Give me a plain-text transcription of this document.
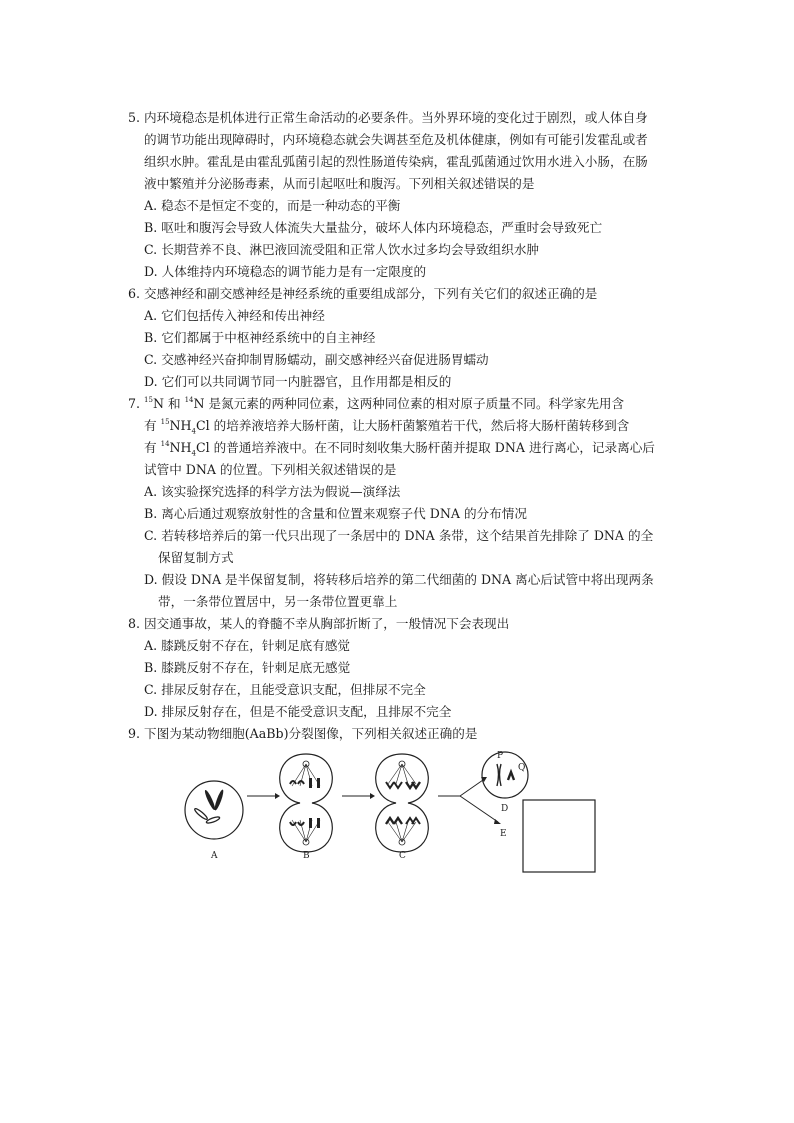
5. 内环境稳态是机体进行正常生命活动的必要条件。当外界环境的变化过于剧烈，或人体自身
的调节功能出现障碍时，内环境稳态就会失调甚至危及机体健康，例如有可能引发霍乱或者
组织水肿。霍乱是由霍乱弧菌引起的烈性肠道传染病，霍乱弧菌通过饮用水进入小肠，在肠
液中繁殖并分泌肠毒素，从而引起呕吐和腹泻。下列相关叙述错误的是
A. 稳态不是恒定不变的，而是一种动态的平衡
B. 呕吐和腹泻会导致人体流失大量盐分，破坏人体内环境稳态，严重时会导致死亡
C. 长期营养不良、淋巴液回流受阻和正常人饮水过多均会导致组织水肿
D. 人体维持内环境稳态的调节能力是有一定限度的
6. 交感神经和副交感神经是神经系统的重要组成部分，下列有关它们的叙述正确的是
A. 它们包括传入神经和传出神经
B. 它们都属于中枢神经系统中的自主神经
C. 交感神经兴奋抑制胃肠蠕动，副交感神经兴奋促进肠胃蠕动
D. 它们可以共同调节同一内脏器官，且作用都是相反的
7. $^{15}$N 和 $^{14}$N 是氮元素的两种同位素，这两种同位素的相对原子质量不同。科学家先用含
有 $^{15}NH_4Cl$ 的培养液培养大肠杆菌，让大肠杆菌繁殖若干代，然后将大肠杆菌转移到含
有 $^{14}NH_4Cl$ 的普通培养液中。在不同时刻收集大肠杆菌并提取 DNA 进行离心，记录离心后
试管中 DNA 的位置。下列相关叙述错误的是
A. 该实验探究选择的科学方法为假说—演绎法
B. 离心后通过观察放射性的含量和位置来观察子代 DNA 的分布情况
C. 若转移培养后的第一代只出现了一条居中的 DNA 条带，这个结果首先排除了 DNA 的全
保留复制方式
D. 假设 DNA 是半保留复制，将转移后培养的第二代细菌的 DNA 离心后试管中将出现两条
带，一条带位置居中，另一条带位置更靠上
8. 因交通事故，某人的脊髓不幸从胸部折断了，一般情况下会表现出
A. 膝跳反射不存在，针刺足底有感觉
B. 膝跳反射不存在，针刺足底无感觉
C. 排尿反射存在，且能受意识支配，但排尿不完全
D. 排尿反射存在，但是不能受意识支配，且排尿不完全
9. 下图为某动物细胞(AaBb)分裂图像，下列相关叙述正确的是
A	B	C
P
Q
D
E
